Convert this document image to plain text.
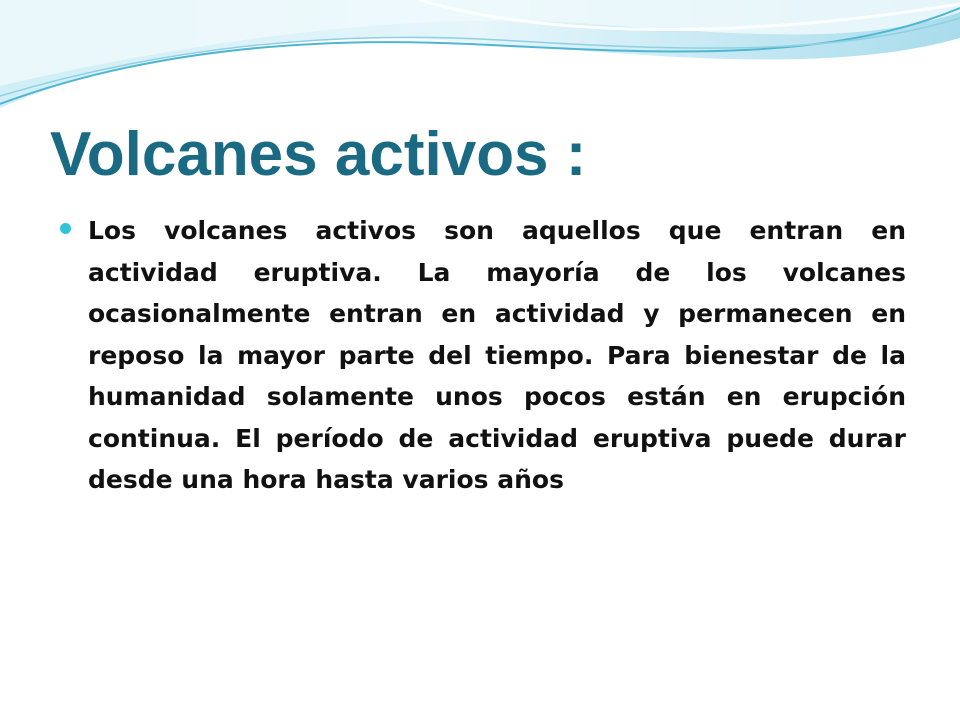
Volcanes activos :

Los volcanes activos son aquellos que entran en actividad eruptiva. La mayoría de los volcanes ocasionalmente entran en actividad y permanecen en reposo la mayor parte del tiempo. Para bienestar de la humanidad solamente unos pocos están en erupción continua. El período de actividad eruptiva puede durar desde una hora hasta varios años
